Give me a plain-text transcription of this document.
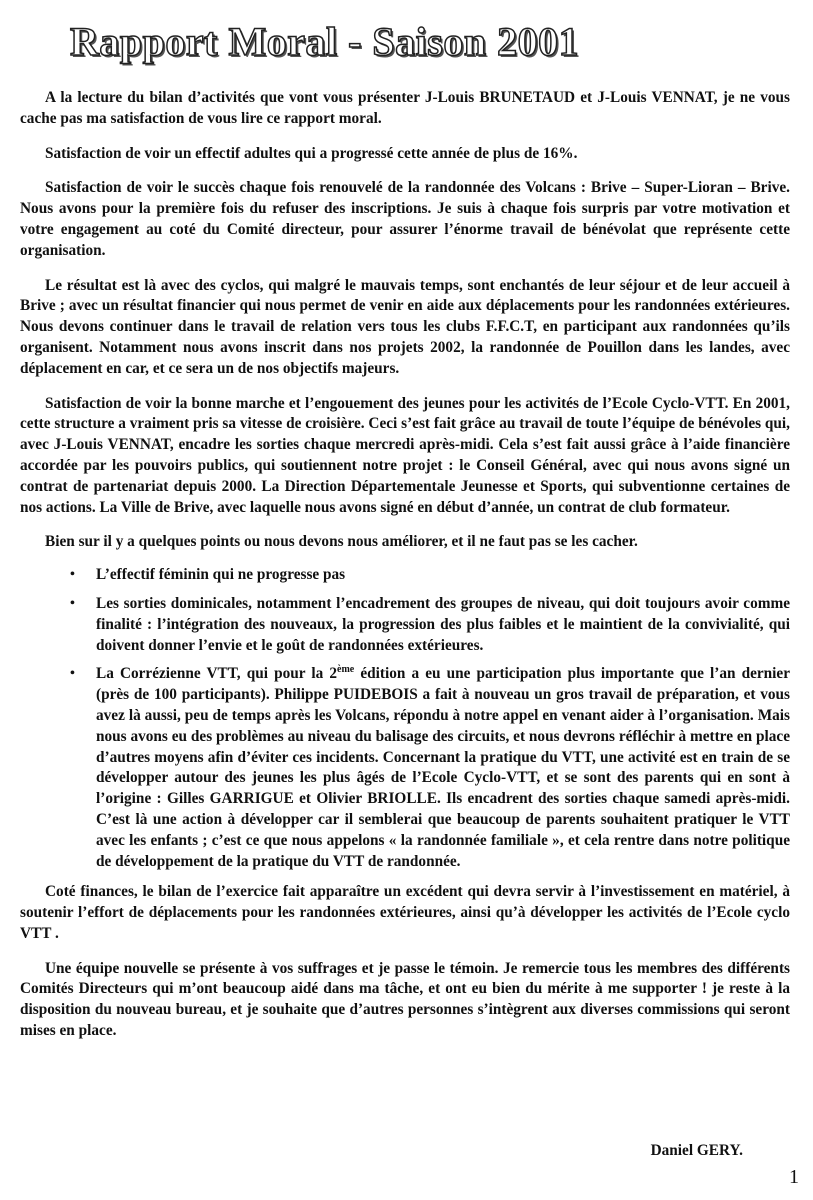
Rapport Moral - Saison 2001

A la lecture du bilan d’activités que vont vous présenter J-Louis BRUNETAUD et J-Louis VENNAT, je ne vous cache pas ma satisfaction de vous lire ce rapport moral.

Satisfaction de voir un effectif adultes qui a progressé cette année de plus de 16%.

Satisfaction de voir le succès chaque fois renouvelé de la randonnée des Volcans : Brive – Super-Lioran – Brive. Nous avons pour la première fois du refuser des inscriptions. Je suis à chaque fois surpris par votre motivation et votre engagement au coté du Comité directeur, pour assurer l’énorme travail de bénévolat que représente cette organisation.

Le résultat est là avec des cyclos, qui malgré le mauvais temps, sont enchantés de leur séjour et de leur accueil à Brive ; avec un résultat financier qui nous permet de venir en aide aux déplacements pour les randonnées extérieures. Nous devons continuer dans le travail de relation vers tous les clubs F.F.C.T, en participant aux randonnées qu’ils organisent. Notamment nous avons inscrit dans nos projets 2002, la randonnée de Pouillon dans les landes, avec déplacement en car, et ce sera un de nos objectifs majeurs.

Satisfaction de voir la bonne marche et l’engouement des jeunes pour les activités de l’Ecole Cyclo-VTT. En 2001, cette structure a vraiment pris sa vitesse de croisière. Ceci s’est fait grâce au travail de toute l’équipe de bénévoles qui, avec J-Louis VENNAT, encadre les sorties chaque mercredi après-midi. Cela s’est fait aussi grâce à l’aide financière accordée par les pouvoirs publics, qui soutiennent notre projet : le Conseil Général, avec qui nous avons signé un contrat de partenariat depuis 2000. La Direction Départementale Jeunesse et Sports, qui subventionne certaines de nos actions. La Ville de Brive, avec laquelle nous avons signé en début d’année, un contrat de club formateur.

Bien sur il y a quelques points ou nous devons nous améliorer, et il ne faut pas se les cacher.

• L’effectif féminin qui ne progresse pas
• Les sorties dominicales, notamment l’encadrement des groupes de niveau, qui doit toujours avoir comme finalité : l’intégration des nouveaux, la progression des plus faibles et le maintient de la convivialité, qui doivent donner l’envie et le goût de randonnées extérieures.
• La Corrézienne VTT, qui pour la 2ème édition a eu une participation plus importante que l’an dernier (près de 100 participants). Philippe PUIDEBOIS a fait à nouveau un gros travail de préparation, et vous avez là aussi, peu de temps après les Volcans, répondu à notre appel en venant aider à l’organisation. Mais nous avons eu des problèmes au niveau du balisage des circuits, et nous devrons réfléchir à mettre en place d’autres moyens afin d’éviter ces incidents. Concernant la pratique du VTT, une activité est en train de se développer autour des jeunes les plus âgés de l’Ecole Cyclo-VTT, et se sont des parents qui en sont à l’origine : Gilles GARRIGUE et Olivier BRIOLLE. Ils encadrent des sorties chaque samedi après-midi. C’est là une action à développer car il semblerai que beaucoup de parents souhaitent pratiquer le VTT avec les enfants ; c’est ce que nous appelons « la randonnée familiale », et cela rentre dans notre politique de développement de la pratique du VTT de randonnée.

Coté finances, le bilan de l’exercice fait apparaître un excédent qui devra servir à l’investissement en matériel, à soutenir l’effort de déplacements pour les randonnées extérieures, ainsi qu’à développer les activités de l’Ecole cyclo VTT .

Une équipe nouvelle se présente à vos suffrages et je passe le témoin. Je remercie tous les membres des différents Comités Directeurs qui m’ont beaucoup aidé dans ma tâche, et ont eu bien du mérite à me supporter ! je reste à la disposition du nouveau bureau, et je souhaite que d’autres personnes s’intègrent aux diverses commissions qui seront mises en place.

Daniel GERY.
1
